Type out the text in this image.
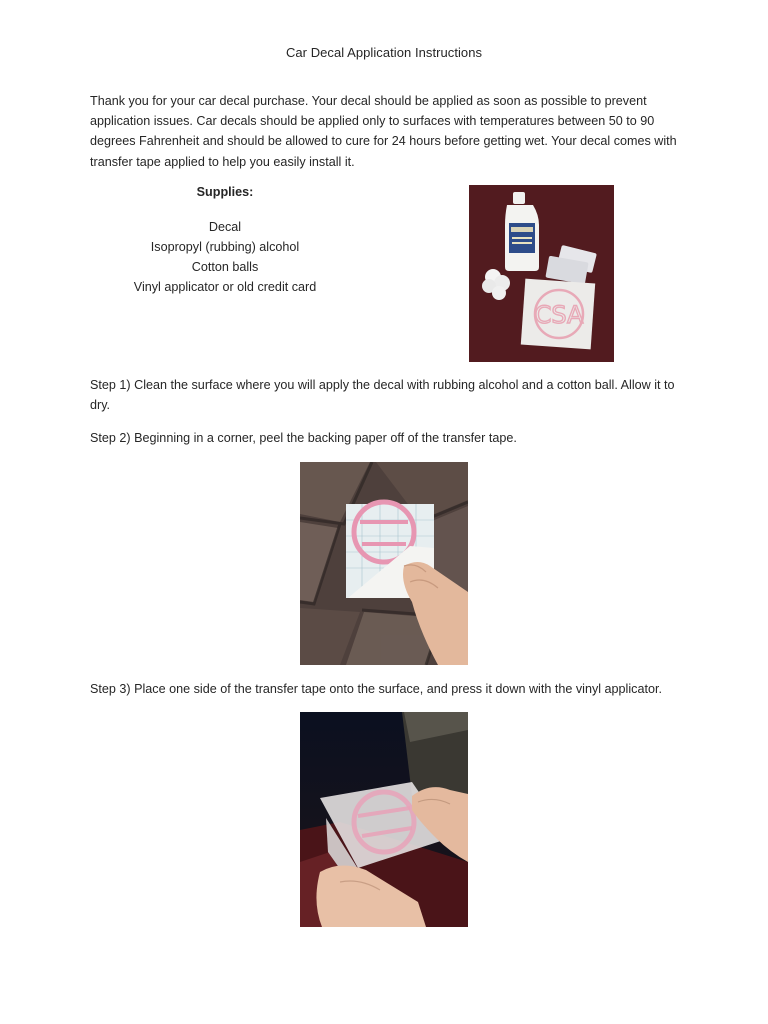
Car Decal Application Instructions
Thank you for your car decal purchase. Your decal should be applied as soon as possible to prevent application issues. Car decals should be applied only to surfaces with temperatures between 50 to 90 degrees Fahrenheit and should be allowed to cure for 24 hours before getting wet. Your decal comes with transfer tape applied to help you easily install it.
Supplies:
Decal
Isopropyl (rubbing) alcohol
Cotton balls
Vinyl applicator or old credit card
CSA
Step 1) Clean the surface where you will apply the decal with rubbing alcohol and a cotton ball. Allow it to dry.
Step 2) Beginning in a corner, peel the backing paper off of the transfer tape.
Step 3) Place one side of the transfer tape onto the surface, and press it down with the vinyl applicator.
